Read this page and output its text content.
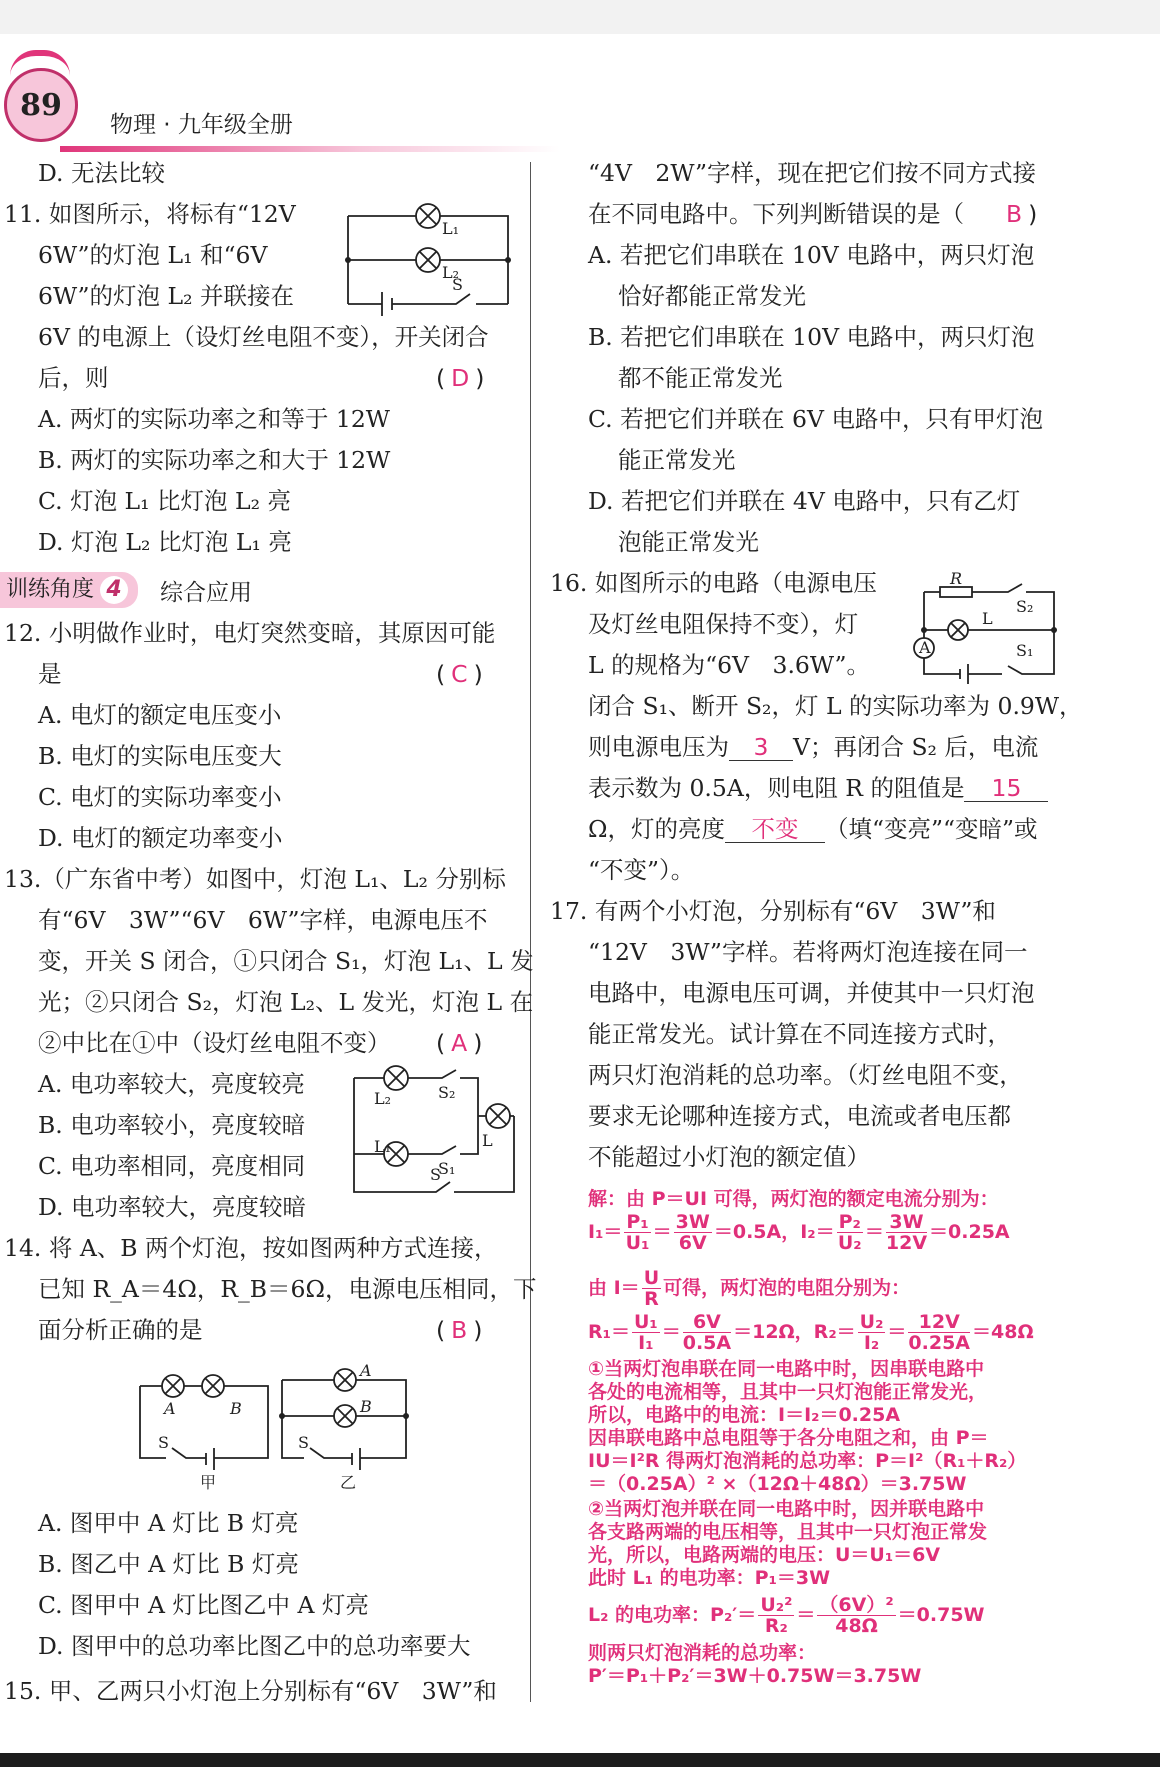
89
物理 · 九年级全册
D. 无法比较
11. 如图所示，将标有“12V
6W”的灯泡 L₁ 和“6V
6W”的灯泡 L₂ 并联接在
6V 的电源上（设灯丝电阻不变），开关闭合
后，则	( D )
A. 两灯的实际功率之和等于 12W
B. 两灯的实际功率之和大于 12W
C. 灯泡 L₁ 比灯泡 L₂ 亮
D. 灯泡 L₂ 比灯泡 L₁ 亮
L₁
L₂
S
训练角度 4	综合应用
12. 小明做作业时，电灯突然变暗，其原因可能
是	( C )
A. 电灯的额定电压变小
B. 电灯的实际电压变大
C. 电灯的实际功率变小
D. 电灯的额定功率变小
13.（广东省中考）如图中，灯泡 L₁、L₂ 分别标
有“6V　3W”“6V　6W”字样，电源电压不
变，开关 S 闭合，①只闭合 S₁，灯泡 L₁、L 发
光；②只闭合 S₂，灯泡 L₂、L 发光，灯泡 L 在
②中比在①中（设灯丝电阻不变） ( A )
A. 电功率较大，亮度较亮
B. 电功率较小，亮度较暗
C. 电功率相同，亮度相同
D. 电功率较大，亮度较暗
L₂
L₁
S₂
S₁
L
S
14. 将 A、B 两个灯泡，按如图两种方式连接，
已知 R_A＝4Ω，R_B＝6Ω，电源电压相同，下
面分析正确的是	( B )
A	B
S
A
B
S
甲	乙
A. 图甲中 A 灯比 B 灯亮
B. 图乙中 A 灯比 B 灯亮
C. 图甲中 A 灯比图乙中 A 灯亮
D. 图甲中的总功率比图乙中的总功率要大
15. 甲、乙两只小灯泡上分别标有“6V　3W”和
“4V　2W”字样，现在把它们按不同方式接
在不同电路中。下列判断错误的是（ B )
A. 若把它们串联在 10V 电路中，两只灯泡
恰好都能正常发光
B. 若把它们串联在 10V 电路中，两只灯泡
都不能正常发光
C. 若把它们并联在 6V 电路中，只有甲灯泡
能正常发光
D. 若把它们并联在 4V 电路中，只有乙灯
泡能正常发光
16. 如图所示的电路（电源电压
及灯丝电阻保持不变），灯
L 的规格为“6V　3.6W”。
闭合 S₁、断开 S₂，灯 L 的实际功率为 0.9W，
则电源电压为 3 V；再闭合 S₂ 后，电流
表示数为 0.5A，则电阻 R 的阻值是 15
Ω，灯的亮度 不变 （填“变亮”“变暗”或
“不变”）。
R
L
S₂
S₁
A
17. 有两个小灯泡，分别标有“6V　3W”和
“12V　3W”字样。若将两灯泡连接在同一
电路中，电源电压可调，并使其中一只灯泡
能正常发光。试计算在不同连接方式时，
两只灯泡消耗的总功率。（灯丝电阻不变，
要求无论哪种连接方式，电流或者电压都
不能超过小灯泡的额定值）
解：由 P＝UI 可得，两灯泡的额定电流分别为：
$I_1= \frac{\text{P₁}}{\text{U₁}} = \frac{3W}{6V} =0.5A$，$I_2= \frac{\text{P₂}}{\text{U₂}} = \frac{3W}{12V} =0.25A$
由 $I= \frac{U}{R}$ 可得，两灯泡的电阻分别为：
$R_1= \frac{\text{U₁}}{\text{I₁}} = \frac{6V}{0.5A} =12\Omega$，$R_2= \frac{\text{U₂}}{\text{I₂}} = \frac{12V}{0.25A} =48\Omega$
①当两灯泡串联在同一电路中时，因串联电路中
各处的电流相等，且其中一只灯泡能正常发光，
所以，电路中的电流：I＝I₂＝0.25A
因串联电路中总电阻等于各分电阻之和，由 P＝
IU＝I²R 得两灯泡消耗的总功率：P＝I²（R₁＋R₂）
＝（0.25A）² ×（12Ω＋48Ω）＝3.75W
②当两灯泡并联在同一电路中时，因并联电路中
各支路两端的电压相等，且其中一只灯泡正常发
光，所以，电路两端的电压：U＝U₁＝6V
此时 L₁ 的电功率：P₁＝3W
L₂ 的电功率：$P_2'= \frac{\text{U₂²}}{\text{R₂}} = \frac{\text{（6V）²}}{48\Omega} =0.75W$
则两只灯泡消耗的总功率：
P′＝P₁＋P₂′＝3W＋0.75W＝3.75W
